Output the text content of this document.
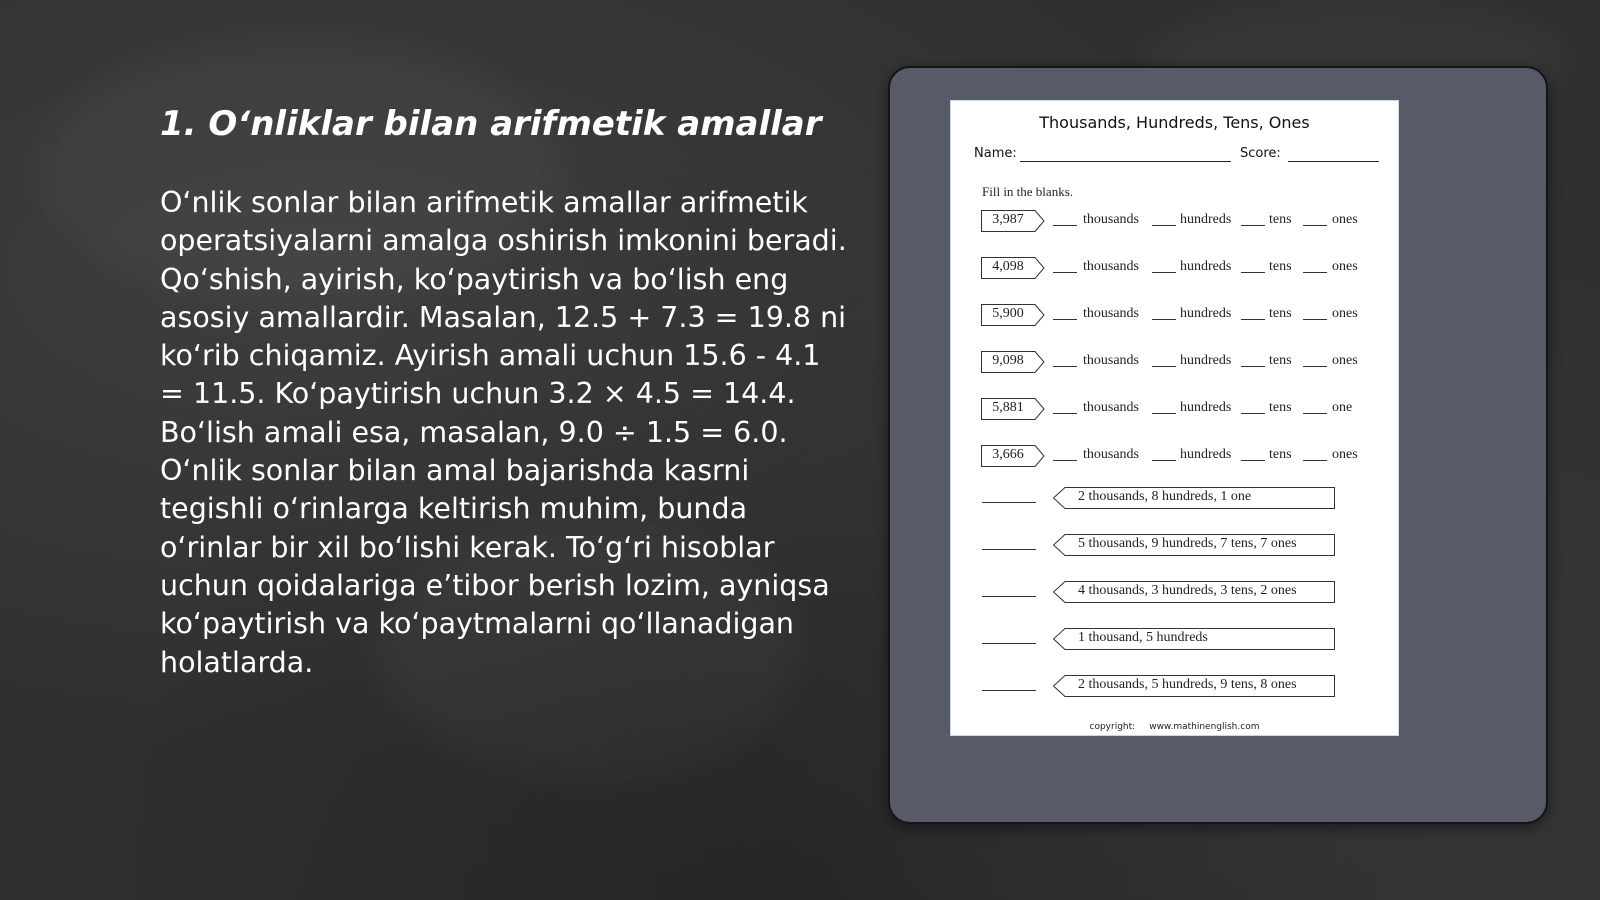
1. O‘nliklar bilan arifmetik amallar

O‘nlik sonlar bilan arifmetik amallar arifmetik operatsiyalarni amalga oshirish imkonini beradi. Qo‘shish, ayirish, ko‘paytirish va bo‘lish eng asosiy amallardir. Masalan, 12.5 + 7.3 = 19.8 ni ko‘rib chiqamiz. Ayirish amali uchun 15.6 - 4.1 = 11.5. Ko‘paytirish uchun 3.2 × 4.5 = 14.4. Bo‘lish amali esa, masalan, 9.0 ÷ 1.5 = 6.0. O‘nlik sonlar bilan amal bajarishda kasrni tegishli o‘rinlarga keltirish muhim, bunda o‘rinlar bir xil bo‘lishi kerak. To‘g‘ri hisoblar uchun qoidalariga e’tibor berish lozim, ayniqsa ko‘paytirish va ko‘paytmalarni qo‘llanadigan holatlarda.

Thousands, Hundreds, Tens, Ones
Name:	Score:
Fill in the blanks.
3,987	thousands	hundreds	tens	ones
4,098	thousands	hundreds	tens	ones
5,900	thousands	hundreds	tens	ones
9,098	thousands	hundreds	tens	ones
5,881	thousands	hundreds	tens	one
3,666	thousands	hundreds	tens	ones
2 thousands, 8 hundreds, 1 one
5 thousands, 9 hundreds, 7 tens, 7 ones
4 thousands, 3 hundreds, 3 tens, 2 ones
1 thousand, 5 hundreds
2 thousands, 5 hundreds, 9 tens, 8 ones
copyright: www.mathinenglish.com
